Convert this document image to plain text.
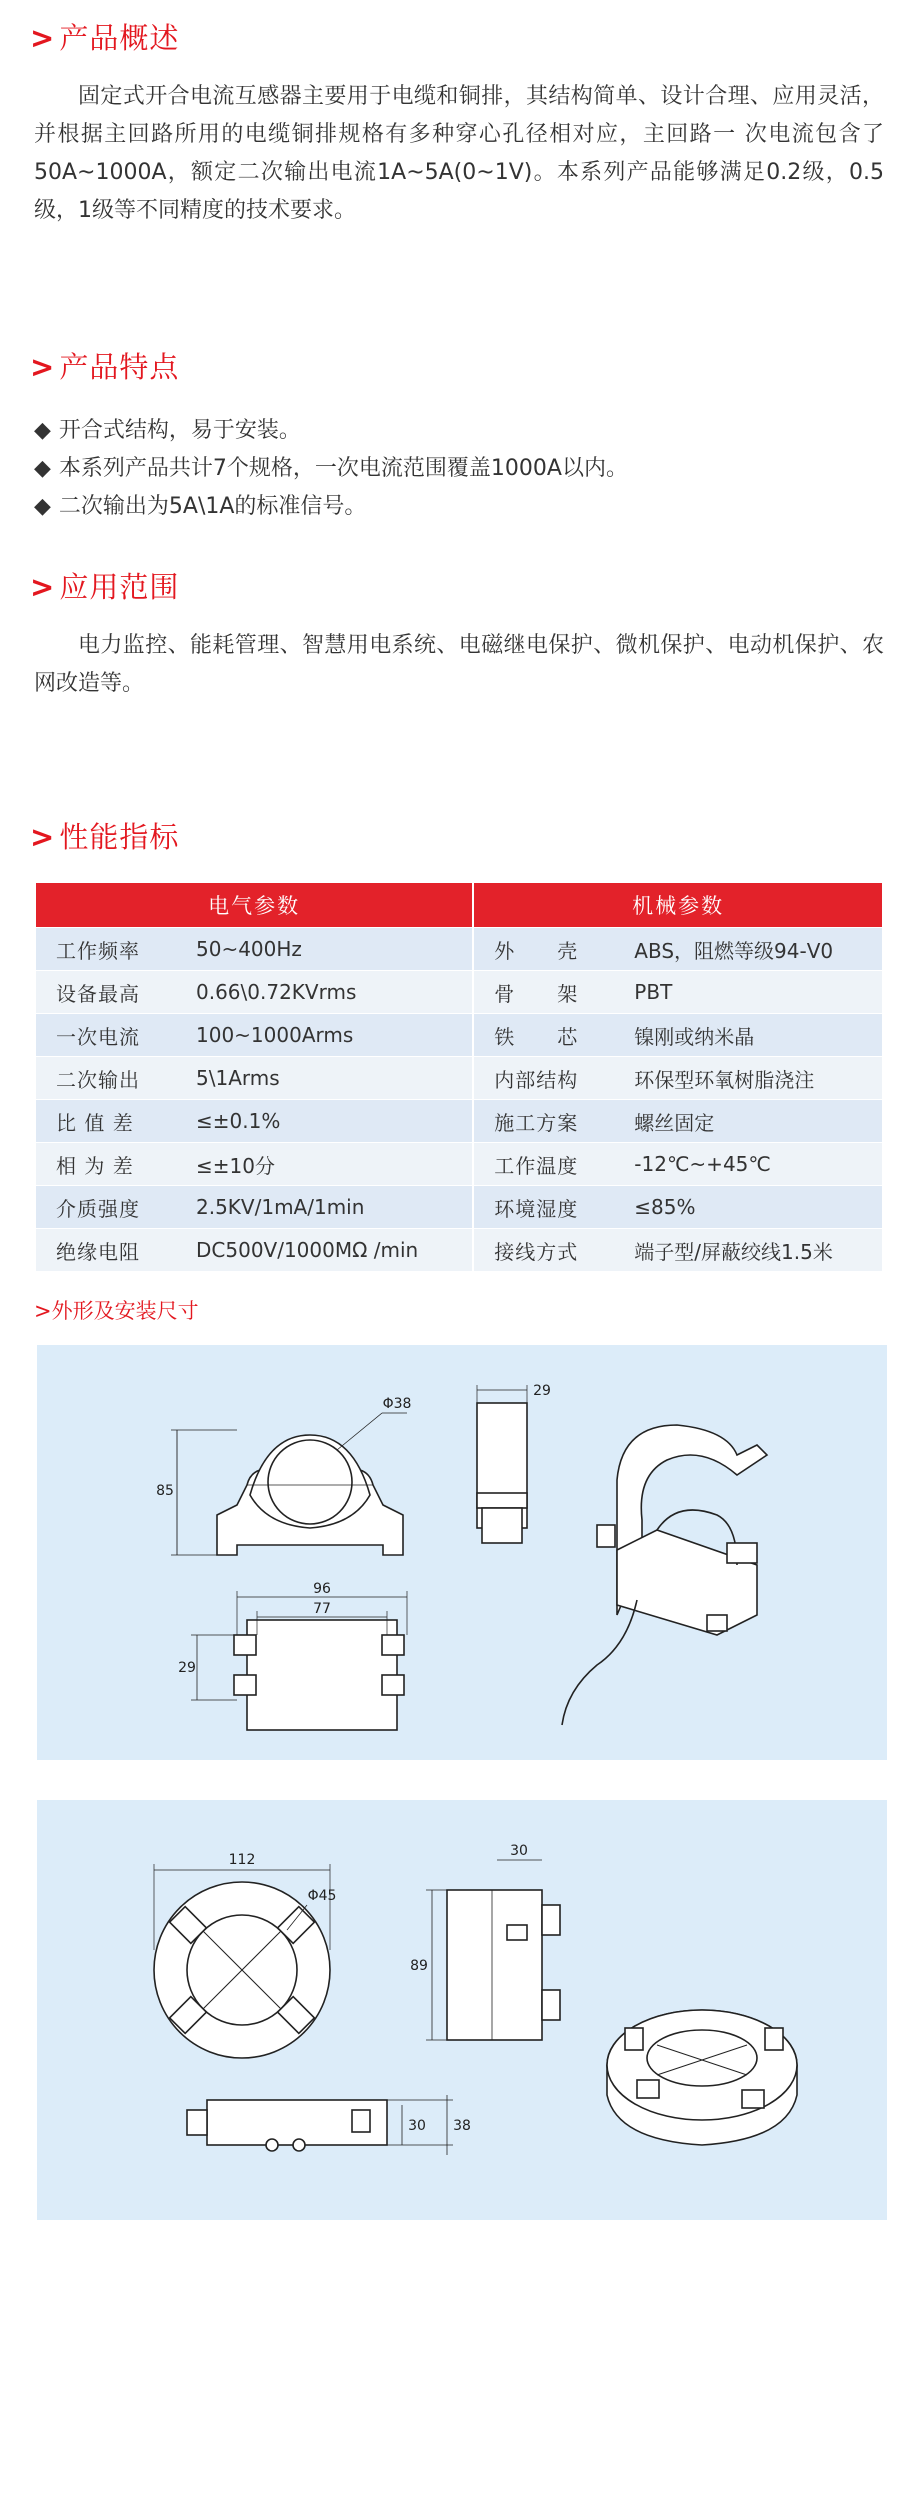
> 产品概述
固定式开合电流互感器主要用于电缆和铜排，其结构简单、设计合理、应用灵活，并根据主回路所用的电缆铜排规格有多种穿心孔径相对应，主回路一 次电流包含了50A~1000A，额定二次输出电流1A~5A(0~1V)。本系列产品能够满足0.2级，0.5级，1级等不同精度的技术要求。
> 产品特点
◆ 开合式结构，易于安装。
◆ 本系列产品共计7个规格，一次电流范围覆盖1000A以内。
◆ 二次输出为5A\1A的标准信号。
> 应用范围
电力监控、能耗管理、智慧用电系统、电磁继电保护、微机保护、电动机保护、农网改造等。
> 性能指标
电气参数			机械参数	
工作频率	50~400Hz		外　　壳	ABS，阻燃等级94-V0
设备最高	0.66\0.72KVrms		骨　　架	PBT
一次电流	100~1000Arms		铁　　芯	镍刚或纳米晶
二次输出	5\1Arms		内部结构	环保型环氧树脂浇注
比 值 差	≤±0.1%		施工方案	螺丝固定
相 为 差	≤±10分		工作温度	-12℃~+45℃
介质强度	2.5KV/1mA/1min		环境湿度	≤85%
绝缘电阻	DC500V/1000MΩ /min		接线方式	端子型/屏蔽绞线1.5米
>外形及安装尺寸
Φ38
85
29
96
77
29
112
Φ45
30
89
30 38
